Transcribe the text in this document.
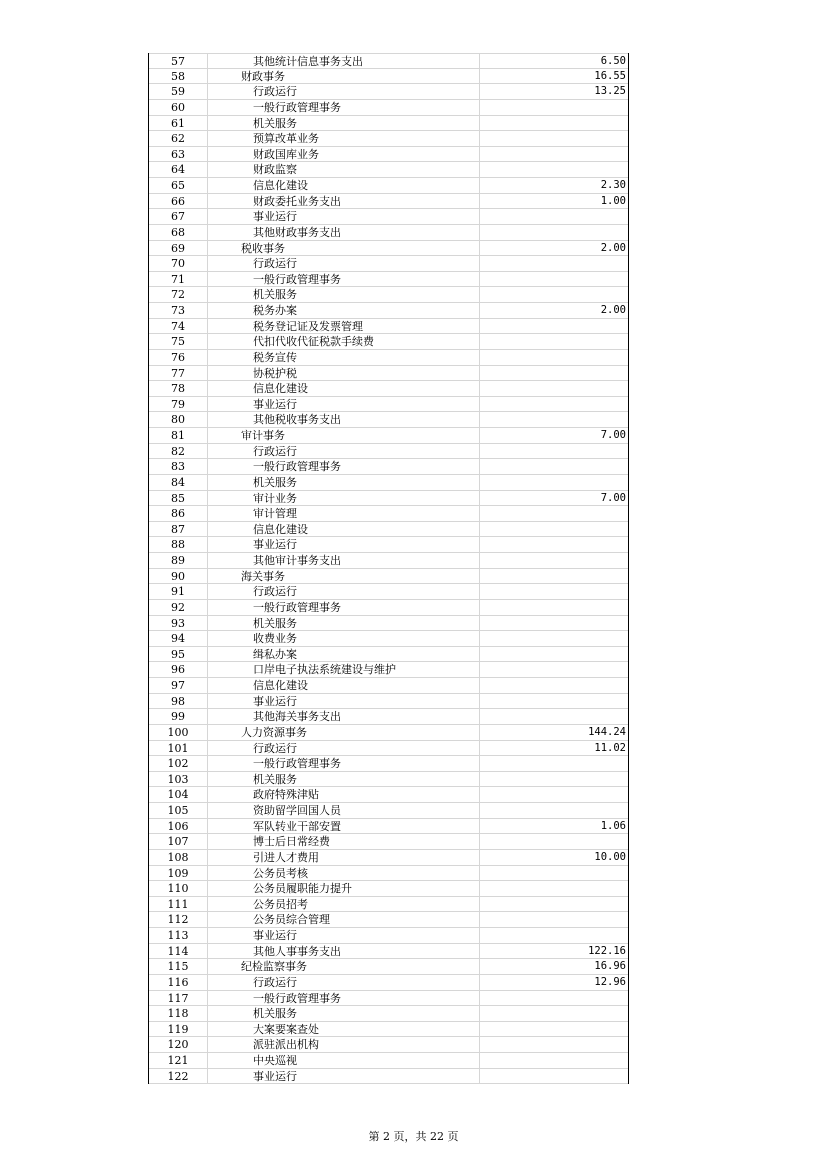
57	其他统计信息事务支出	6.50
58	财政事务	16.55
59	行政运行	13.25
60	一般行政管理事务
61	机关服务
62	预算改革业务
63	财政国库业务
64	财政监察
65	信息化建设	2.30
66	财政委托业务支出	1.00
67	事业运行
68	其他财政事务支出
69	税收事务	2.00
70	行政运行
71	一般行政管理事务
72	机关服务
73	税务办案	2.00
74	税务登记证及发票管理
75	代扣代收代征税款手续费
76	税务宣传
77	协税护税
78	信息化建设
79	事业运行
80	其他税收事务支出
81	审计事务	7.00
82	行政运行
83	一般行政管理事务
84	机关服务
85	审计业务	7.00
86	审计管理
87	信息化建设
88	事业运行
89	其他审计事务支出
90	海关事务
91	行政运行
92	一般行政管理事务
93	机关服务
94	收费业务
95	缉私办案
96	口岸电子执法系统建设与维护
97	信息化建设
98	事业运行
99	其他海关事务支出
100	人力资源事务	144.24
101	行政运行	11.02
102	一般行政管理事务
103	机关服务
104	政府特殊津贴
105	资助留学回国人员
106	军队转业干部安置	1.06
107	博士后日常经费
108	引进人才费用	10.00
109	公务员考核
110	公务员履职能力提升
111	公务员招考
112	公务员综合管理
113	事业运行
114	其他人事事务支出	122.16
115	纪检监察事务	16.96
116	行政运行	12.96
117	一般行政管理事务
118	机关服务
119	大案要案查处
120	派驻派出机构
121	中央巡视
122	事业运行
第 2 页，共 22 页
